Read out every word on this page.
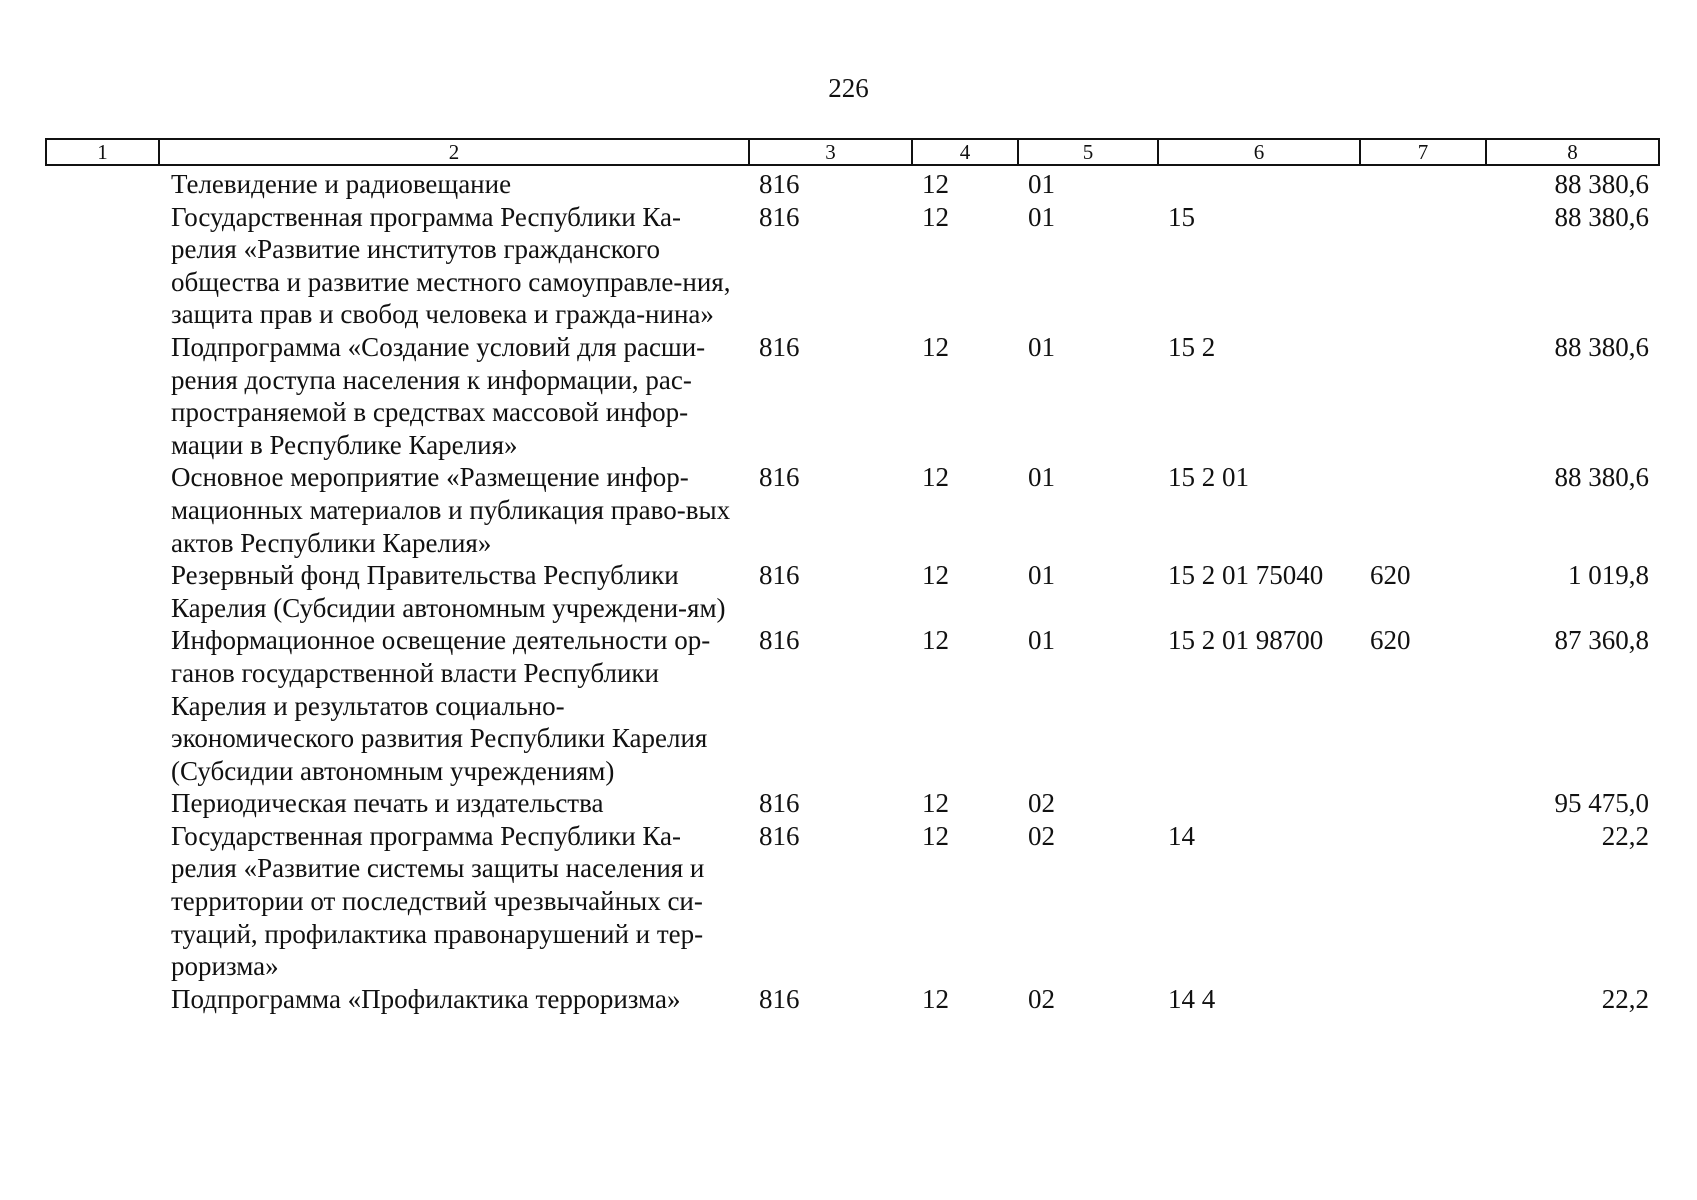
226
1	2	3	4	5	6	7	8
	Телевидение и радиовещание	816	12	01			88 380,6
	Государственная программа Республики Ка-релия «Развитие институтов гражданского общества и развитие местного самоуправле-ния, защита прав и свобод человека и гражда-нина»	816	12	01	15		88 380,6
	Подпрограмма «Создание условий для расши-рения доступа населения к информации, рас-пространяемой в средствах массовой инфор-мации в Республике Карелия»	816	12	01	15 2		88 380,6
	Основное мероприятие «Размещение инфор-мационных материалов и публикация право-вых актов Республики Карелия»	816	12	01	15 2 01		88 380,6
	Резервный фонд Правительства Республики Карелия (Субсидии автономным учреждени-ям)	816	12	01	15 2 01 75040	620	1 019,8
	Информационное освещение деятельности ор-ганов государственной власти Республики Карелия и результатов социально-экономического развития Республики Карелия (Субсидии автономным учреждениям)	816	12	01	15 2 01 98700	620	87 360,8
	Периодическая печать и издательства	816	12	02			95 475,0
	Государственная программа Республики Ка-релия «Развитие системы защиты населения и территории от последствий чрезвычайных си-туаций, профилактика правонарушений и тер-роризма»	816	12	02	14		22,2
	Подпрограмма «Профилактика терроризма»	816	12	02	14 4		22,2
